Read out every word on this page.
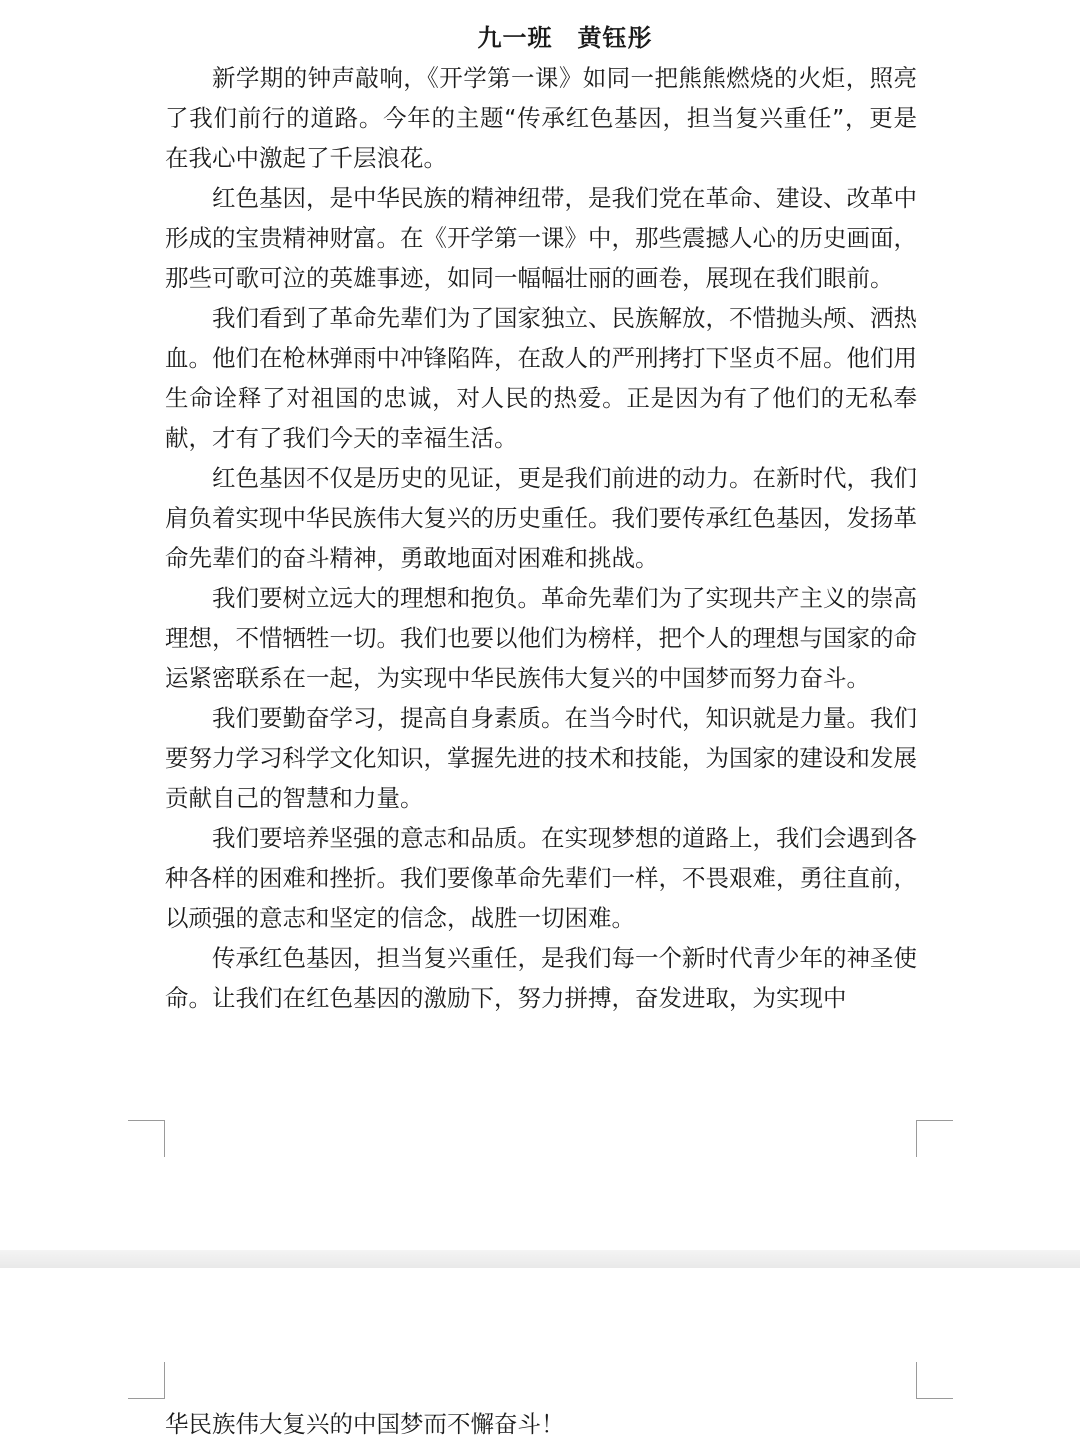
九一班　黄钰彤

新学期的钟声敲响，《开学第一课》如同一把熊熊燃烧的火炬，照亮了我们前行的道路。今年的主题“传承红色基因，担当复兴重任”，更是在我心中激起了千层浪花。

红色基因，是中华民族的精神纽带，是我们党在革命、建设、改革中形成的宝贵精神财富。在《开学第一课》中，那些震撼人心的历史画面，那些可歌可泣的英雄事迹，如同一幅幅壮丽的画卷，展现在我们眼前。

我们看到了革命先辈们为了国家独立、民族解放，不惜抛头颅、洒热血。他们在枪林弹雨中冲锋陷阵，在敌人的严刑拷打下坚贞不屈。他们用生命诠释了对祖国的忠诚，对人民的热爱。正是因为有了他们的无私奉献，才有了我们今天的幸福生活。

红色基因不仅是历史的见证，更是我们前进的动力。在新时代，我们肩负着实现中华民族伟大复兴的历史重任。我们要传承红色基因，发扬革命先辈们的奋斗精神，勇敢地面对困难和挑战。

我们要树立远大的理想和抱负。革命先辈们为了实现共产主义的崇高理想，不惜牺牲一切。我们也要以他们为榜样，把个人的理想与国家的命运紧密联系在一起，为实现中华民族伟大复兴的中国梦而努力奋斗。

我们要勤奋学习，提高自身素质。在当今时代，知识就是力量。我们要努力学习科学文化知识，掌握先进的技术和技能，为国家的建设和发展贡献自己的智慧和力量。

我们要培养坚强的意志和品质。在实现梦想的道路上，我们会遇到各种各样的困难和挫折。我们要像革命先辈们一样，不畏艰难，勇往直前，以顽强的意志和坚定的信念，战胜一切困难。

传承红色基因，担当复兴重任，是我们每一个新时代青少年的神圣使命。让我们在红色基因的激励下，努力拼搏，奋发进取，为实现中

华民族伟大复兴的中国梦而不懈奋斗！
